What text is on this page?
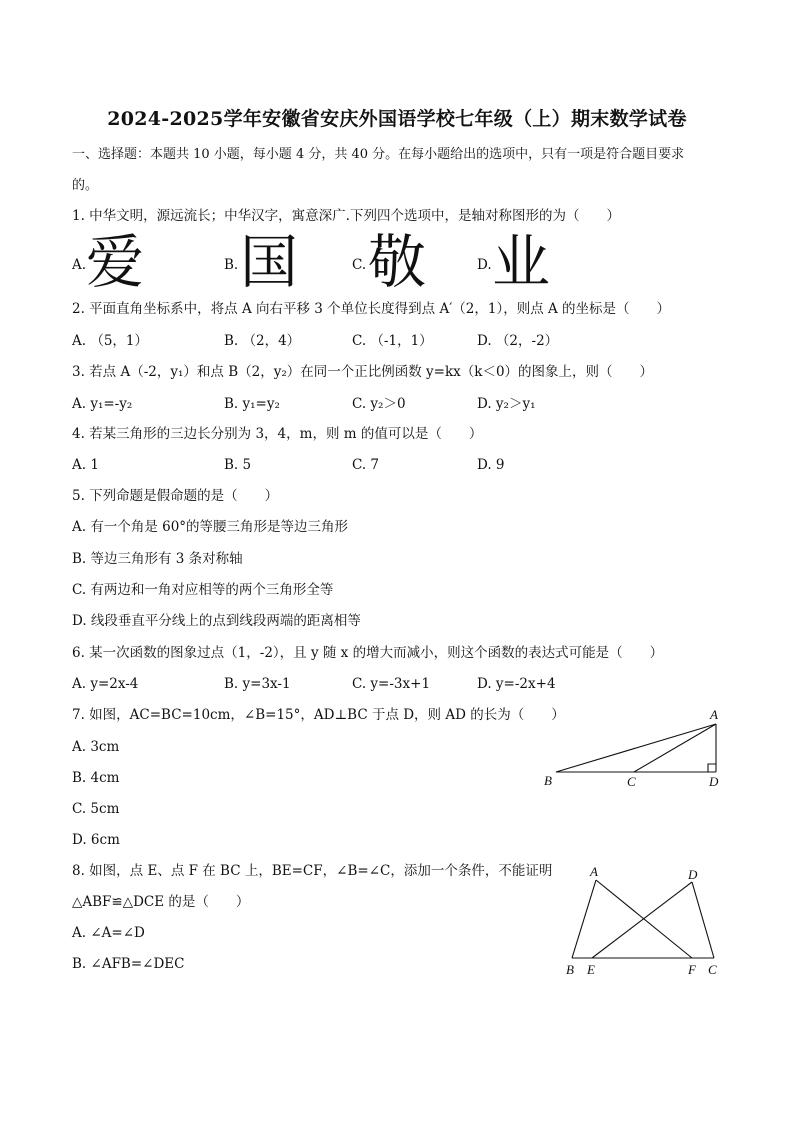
2024-2025学年安徽省安庆外国语学校七年级（上）期末数学试卷
一、选择题：本题共 10 小题，每小题 4 分，共 40 分。在每小题给出的选项中，只有一项是符合题目要求
的。
1. 中华文明，源远流长；中华汉字，寓意深广.下列四个选项中，是轴对称图形的为（　　）
A. 爱	B. 国	C. 敬	D. 业
2. 平面直角坐标系中，将点 A 向右平移 3 个单位长度得到点 A′（2，1），则点 A 的坐标是（　　）
A. （5，1）	B. （2，4）	C. （-1，1）	D. （2，-2）
3. 若点 A（-2，y₁）和点 B（2，y₂）在同一个正比例函数 y=kx（k＜0）的图象上，则（　　）
A. y₁=-y₂	B. y₁=y₂	C. y₂＞0	D. y₂＞y₁
4. 若某三角形的三边长分别为 3，4，m，则 m 的值可以是（　　）
A. 1	B. 5	C. 7	D. 9
5. 下列命题是假命题的是（　　）
A. 有一个角是 60°的等腰三角形是等边三角形
B. 等边三角形有 3 条对称轴
C. 有两边和一角对应相等的两个三角形全等
D. 线段垂直平分线上的点到线段两端的距离相等
6. 某一次函数的图象过点（1，-2），且 y 随 x 的增大而减小，则这个函数的表达式可能是（　　）
A. y=2x-4	B. y=3x-1	C. y=-3x+1	D. y=-2x+4
7. 如图，AC=BC=10cm，∠B=15°，AD⊥BC 于点 D，则 AD 的长为（　　）
A. 3cm
B. 4cm
C. 5cm
D. 6cm
A
B	C	D
8. 如图，点 E、点 F 在 BC 上，BE=CF，∠B=∠C，添加一个条件，不能证明
△ABF≌△DCE 的是（　　）
A. ∠A=∠D
B. ∠AFB=∠DEC
A	D
B E	F C
